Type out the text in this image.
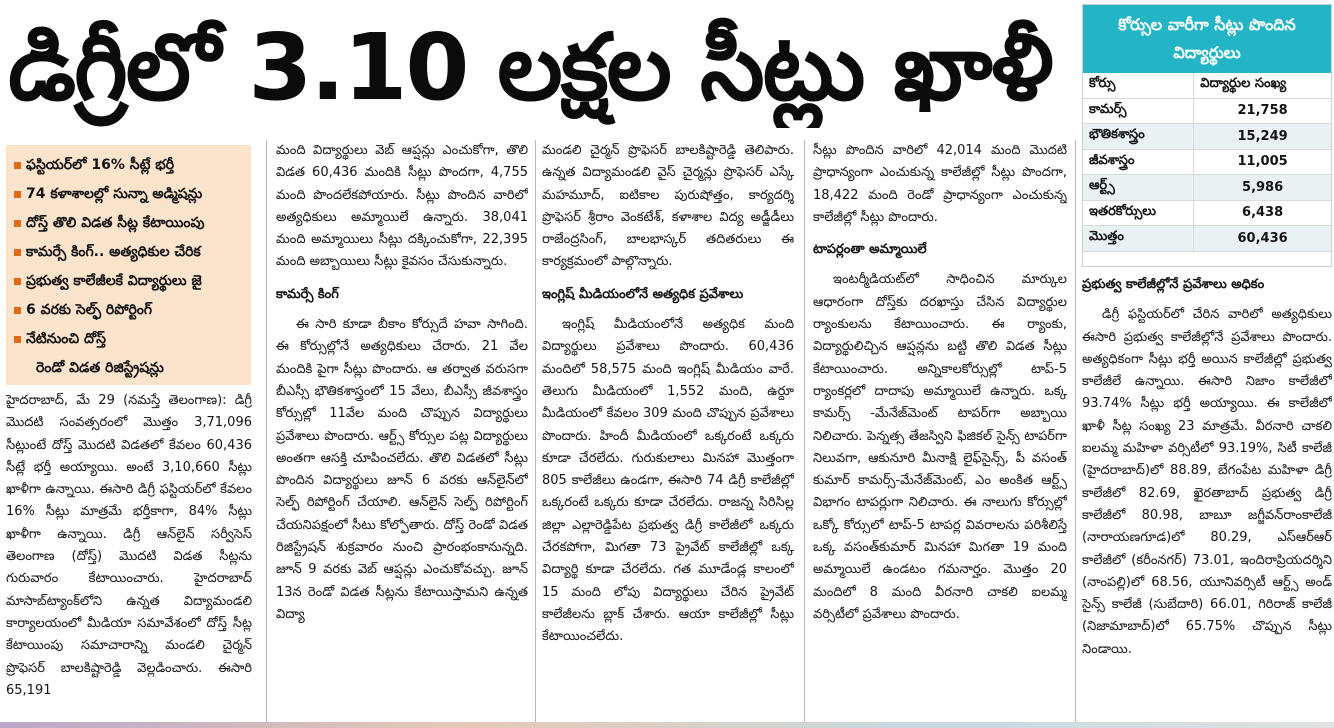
డిగ్రీలో 3.10 లక్షల సీట్లు ఖాళీ
ఫస్టియర్‌లో 16% సీట్లే భర్తీ
74 కళాశాలల్లో సున్నా అడ్మిషన్లు
దోస్త్ తొలి విడత సీట్ల కేటాయింపు
కామర్సే కింగ్.. అత్యధికుల చేరిక
ప్రభుత్వ కాలేజీలకే విద్యార్థులు జై
6 వరకు సెల్ఫ్ రిపోర్టింగ్
నేటినుంచి దోస్త్
రెండో విడత రిజిస్ట్రేషన్లు

హైదరాబాద్, మే 29 (నమస్తే తెలంగాణ): డిగ్రీ మొదటి సంవత్సరంలో మొత్తం 3,71,096 సీట్లుంటే దోస్త్ మొదటి విడతలో కేవలం 60,436 సీట్లే భర్తీ అయ్యాయి. అంటే 3,10,660 సీట్లు ఖాళీగా ఉన్నాయి. ఈసారి డిగ్రీ ఫస్టియర్‌లో కేవలం 16% సీట్లు మాత్రమే భర్తీకాగా, 84% సీట్లు ఖాళీగా ఉన్నాయి. డిగ్రీ ఆన్‌లైన్ సర్వీసెస్ తెలంగాణ (దోస్త్) మొదటి విడత సీట్లను గురువారం కేటాయించారు. హైదరాబాద్ మాసాబ్‌ట్యాంక్‌లోని ఉన్నత విద్యామండలి కార్యాలయంలో మీడియా సమావేశంలో దోస్త్ సీట్ల కేటాయింపు సమాచారాన్ని మండలి చైర్మన్ ప్రొఫెసర్ బాలకిష్టారెడ్డి వెల్లడించారు. ఈసారి 65,191

మంది విద్యార్థులు వెబ్ ఆప్షన్లు ఎంచుకోగా, తొలి విడత 60,436 మందికి సీట్లు పొందగా, 4,755 మంది పొందలేకపోయారు. సీట్లు పొందిన వారిలో అత్యధికులు అమ్మాయిలే ఉన్నారు. 38,041 మంది అమ్మాయిలు సీట్లు దక్కించుకోగా, 22,395 మంది అబ్బాయిలు సీట్లు కైవసం చేసుకున్నారు.

కామర్సే కింగ్

ఈ సారి కూడా బీకాం కోర్సుదే హవా సాగింది. ఈ కోర్సుల్లోనే అత్యధికులు చేరారు. 21 వేల మందికి పైగా సీట్లు పొందారు. ఆ తర్వాత వరుసగా బీఎస్సీ భౌతికశాస్త్రంలో 15 వేలు, బీఎస్సీ జీవశాస్త్రం కోర్సుల్లో 11వేల మంది చొప్పున విద్యార్థులు ప్రవేశాలు పొందారు. ఆర్ట్స్ కోర్సుల పట్ల విద్యార్థులు అంతగా ఆసక్తి చూపించలేదు. తొలి విడతలో సీట్లు పొందిన విద్యార్థులు జూన్ 6 వరకు ఆన్‌లైన్‌లో సెల్ఫ్ రిపోర్టింగ్ చేయాలి. ఆన్‌లైన్ సెల్ఫ్ రిపోర్టింగ్ చేయనిపక్షంలో సీటు కోల్పోతారు. దోస్త్ రెండో విడత రిజిస్ట్రేషన్ శుక్రవారం నుంచి ప్రారంభంకానున్నది. జూన్ 9 వరకు వెబ్ ఆప్షన్లు ఎంచుకోవచ్చు. జూన్ 13న రెండో విడత సీట్లను కేటాయిస్తామని ఉన్నత విద్యా

మండలి చైర్మన్ ప్రొఫెసర్ బాలకిష్టారెడ్డి తెలిపారు. ఉన్నత విద్యామండలి వైస్ చైర్మన్లు ప్రొఫెసర్ ఎస్కే మహమూద్, ఐటికాల పురుషోత్తం, కార్యదర్శి ప్రొఫెసర్ శ్రీరాం వెంకటేశ్, కళాశాల విద్య అడ్జీడీలు రాజేంద్రసింగ్, బాలభాస్కర్ తదితరులు ఈ కార్యక్రమంలో పాల్గొన్నారు.

ఇంగ్లిష్ మీడియంలోనే అత్యధిక ప్రవేశాలు

ఇంగ్లిష్ మీడియంలోనే అత్యధిక మంది విద్యార్థులు ప్రవేశాలు పొందారు. 60,436 మందిలో 58,575 మంది ఇంగ్లిష్ మీడియం వారే. తెలుగు మీడియంలో 1,552 మంది, ఉర్దూ మీడియంలో కేవలం 309 మంది చొప్పున ప్రవేశాలు పొందారు. హిందీ మీడియంలో ఒక్కరంటే ఒక్కరు కూడా చేరలేదు. గురుకులాలు మినహా మొత్తంగా 805 కాలేజీలు ఉండగా, ఈసారి 74 డిగ్రీ కాలేజీల్లో ఒక్కరంటే ఒక్కరు కూడా చేరలేదు. రాజన్న సిరిసిల్ల జిల్లా ఎల్లారెడ్డిపేట ప్రభుత్వ డిగ్రీ కాలేజీలో ఒక్కరు చేరకపోగా, మిగతా 73 ప్రైవేట్ కాలేజీల్లో ఒక్క విద్యార్థి కూడా చేరలేదు. గత మూడేండ్ల కాలంలో 15 మంది లోపు విద్యార్థులు చేరిన ప్రైవేట్ కాలేజీలను బ్లాక్ చేశారు. ఆయా కాలేజీల్లో సీట్లు కేటాయించలేదు.

సీట్లు పొందిన వారిలో 42,014 మంది మొదటి ప్రాధాన్యంగా ఎంచుకున్న కాలేజీల్లో సీట్లు పొందగా, 18,422 మంది రెండో ప్రాధాన్యంగా ఎంచుకున్న కాలేజీల్లో సీట్లు పొందారు.

టాపర్లంతా అమ్మాయిలే

ఇంటర్మీడియట్‌లో సాధించిన మార్కుల ఆధారంగా దోస్త్‌కు దరఖాస్తు చేసిన విద్యార్థుల ర్యాంకులను కేటాయించారు. ఈ ర్యాంకు, విద్యార్థులిచ్చిన ఆప్షన్లను బట్టి తొలి విడత సీట్లు కేటాయించారు. అన్నికాలకోర్సుల్లో టాప్-5 ర్యాంకర్లలో దాదాపు అమ్మాయిలే ఉన్నారు. ఒక్క కామర్స్ -మేనేజ్‌మెంట్ టాపర్‌గా అబ్బాయి నిలిచారు. పెన్నత్స తేజస్విని ఫిజికల్ సైన్స్ టాపర్‌గా నిలువగా, ఆకునూరి మీనాక్షి లైఫ్‌సైన్స్, పీ వసంత్ కుమార్ కామర్స్-మేనేజ్‌మెంట్, ఎం అంకిత ఆర్ట్స్ విభాగం టాపర్లుగా నిలిచారు. ఈ నాలుగు కోర్సుల్లో ఒక్కో కోర్సులో టాప్-5 టాపర్ల వివరాలను పరిశీలిస్తే ఒక్క వసంత్‌కుమార్ మినహా మిగతా 19 మంది అమ్మాయిలే ఉండటం గమనార్హం. మొత్తం 20 మందిలో 8 మంది వీరనారి చాకలి ఐలమ్మ వర్సిటీలో ప్రవేశాలు పొందారు.

కోర్సుల వారీగా సీట్లు పొందిన విద్యార్థులు
కోర్సు	విద్యార్థుల సంఖ్య
కామర్స్	21,758
భౌతికశాస్త్రం	15,249
జీవశాస్త్రం	11,005
ఆర్ట్స్	5,986
ఇతరకోర్సులు	6,438
మొత్తం	60,436
ప్రభుత్వ కాలేజీల్లోనే ప్రవేశాలు అధికం

డిగ్రీ ఫస్టియర్‌లో చేరిన వారిలో అత్యధికులు ఈసారి ప్రభుత్వ కాలేజీల్లోనే ప్రవేశాలు పొందారు. అత్యధికంగా సీట్లు భర్తీ అయిన కాలేజీల్లో ప్రభుత్వ కాలేజీలే ఉన్నాయి. ఈసారి నిజాం కాలేజీలో 93.74% సీట్లు భర్తీ అయ్యాయి. ఈ కాలేజీలో ఖాళీ సీట్ల సంఖ్య 23 మాత్రమే. వీరనారి చాకలి ఐలమ్మ మహిళా వర్సిటీలో 93.19%, సిటీ కాలేజీ (హైదరాబాద్)లో 88.89, బేగంపేట మహిళా డిగ్రీ కాలేజీలో 82.69, ఖైరతాబాద్ ప్రభుత్వ డిగ్రీ కాలేజీలో 80.98, బాబూ జగ్జీవన్‌రాంకాలేజీ (నారాయణగూడ)లో 80.29, ఎస్‌ఆర్‌ఆర్ కాలేజీలో (కరీంనగర్) 73.01, ఇందిరాప్రియదర్శిని (నాంపల్లి)లో 68.56, యూనివర్సిటీ ఆర్ట్స్ అండ్ సైన్స్ కాలేజీ (సుబేదారి) 66.01, గిరిరాజ్ కాలేజీ (నిజామాబాద్)లో 65.75% చొప్పున సీట్లు నిండాయి.
